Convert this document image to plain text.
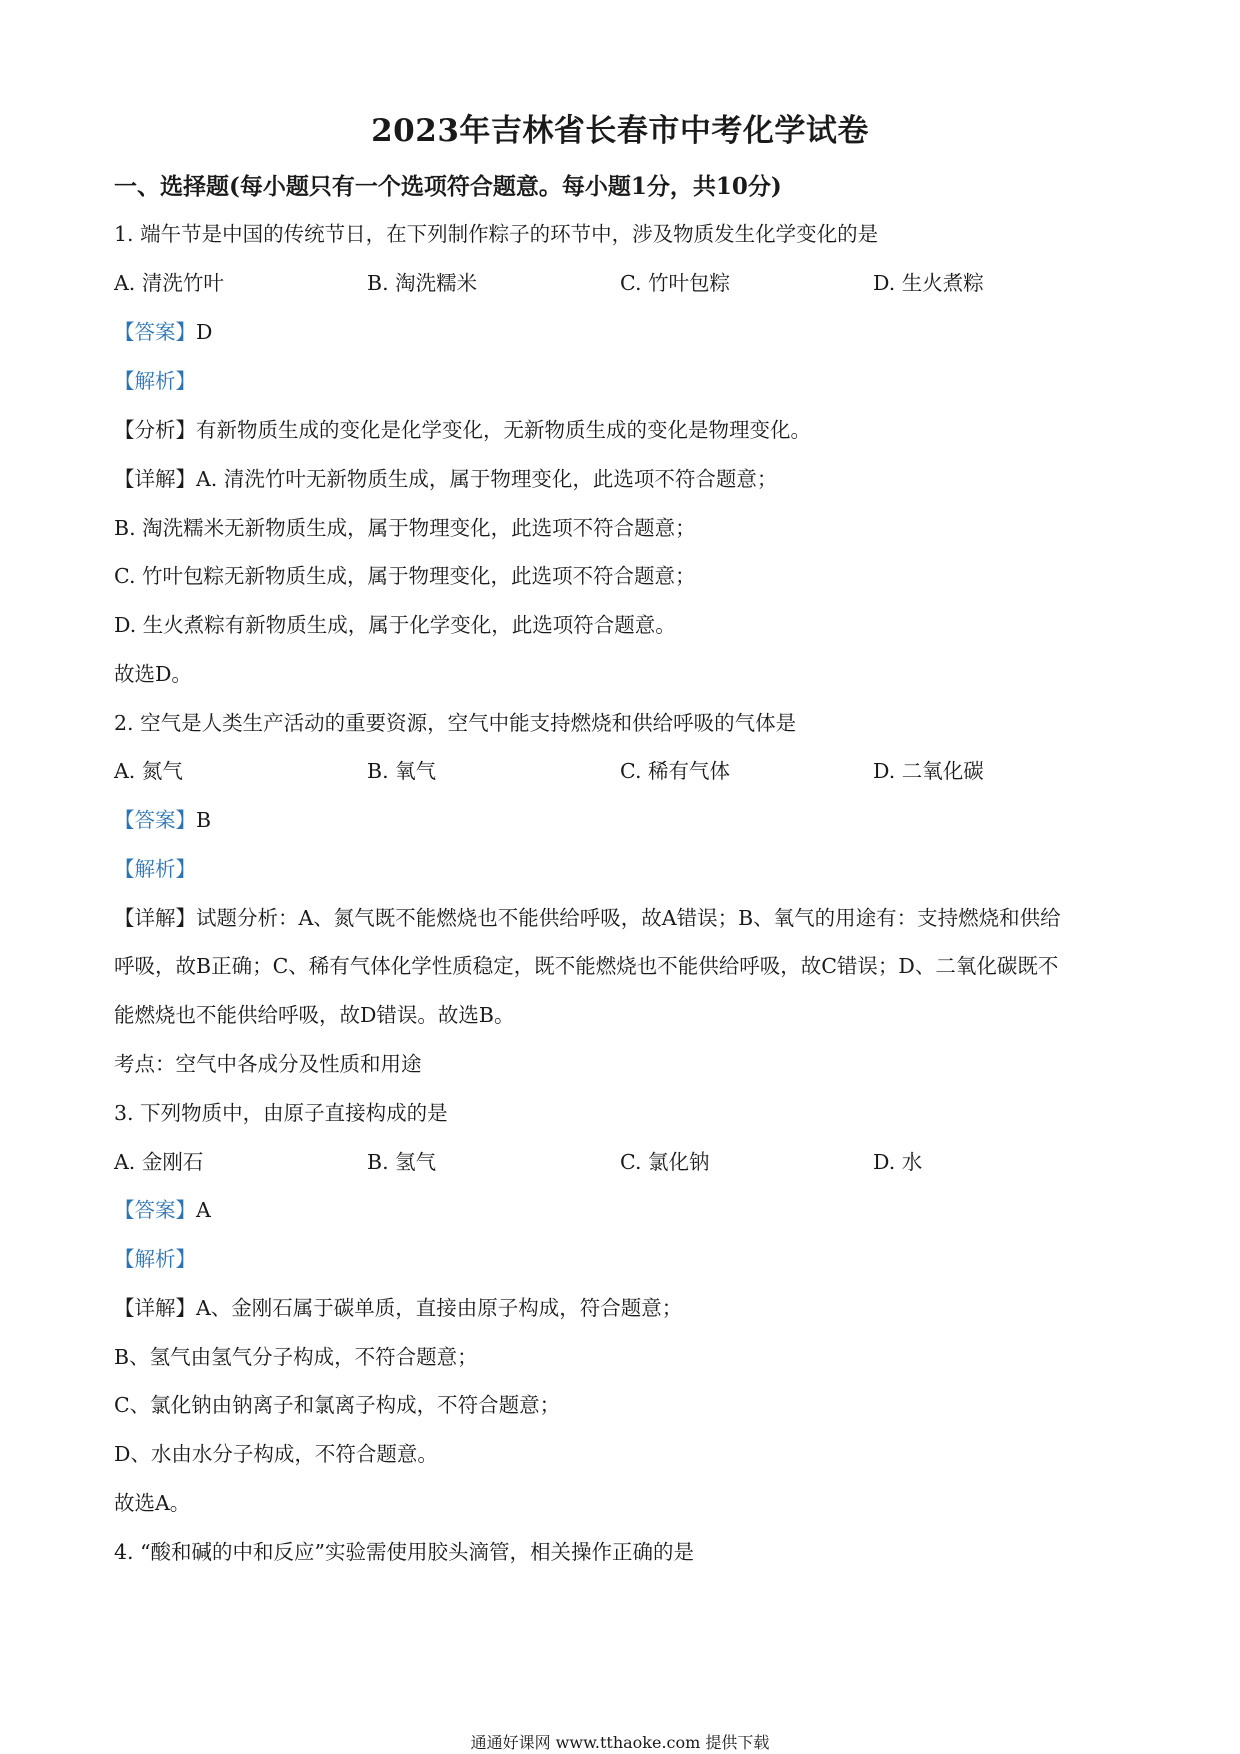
2023年吉林省长春市中考化学试卷
一、选择题(每小题只有一个选项符合题意。每小题1分，共10分)
1. 端午节是中国的传统节日，在下列制作粽子的环节中，涉及物质发生化学变化的是
A. 清洗竹叶	B. 淘洗糯米	C. 竹叶包粽	D. 生火煮粽
【答案】D
【解析】
【分析】有新物质生成的变化是化学变化，无新物质生成的变化是物理变化。
【详解】A. 清洗竹叶无新物质生成，属于物理变化，此选项不符合题意；
B. 淘洗糯米无新物质生成，属于物理变化，此选项不符合题意；
C. 竹叶包粽无新物质生成，属于物理变化，此选项不符合题意；
D. 生火煮粽有新物质生成，属于化学变化，此选项符合题意。
故选D。
2. 空气是人类生产活动的重要资源，空气中能支持燃烧和供给呼吸的气体是
A. 氮气	B. 氧气	C. 稀有气体	D. 二氧化碳
【答案】B
【解析】
【详解】试题分析：A、氮气既不能燃烧也不能供给呼吸，故A错误；B、氧气的用途有：支持燃烧和供给
呼吸，故B正确；C、稀有气体化学性质稳定，既不能燃烧也不能供给呼吸，故C错误；D、二氧化碳既不
能燃烧也不能供给呼吸，故D错误。故选B。
考点：空气中各成分及性质和用途
3. 下列物质中，由原子直接构成的是
A. 金刚石	B. 氢气	C. 氯化钠	D. 水
【答案】A
【解析】
【详解】A、金刚石属于碳单质，直接由原子构成，符合题意；
B、氢气由氢气分子构成，不符合题意；
C、氯化钠由钠离子和氯离子构成，不符合题意；
D、水由水分子构成，不符合题意。
故选A。
4. “酸和碱的中和反应”实验需使用胶头滴管，相关操作正确的是
通通好课网 www.tthaoke.com 提供下载
